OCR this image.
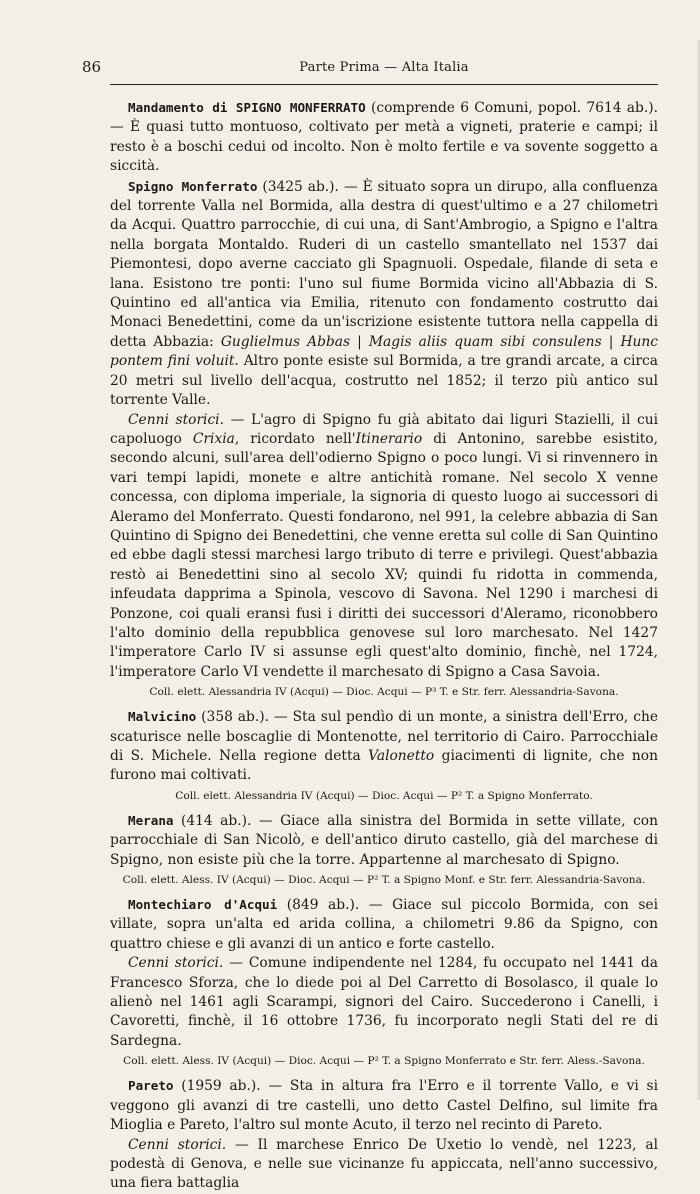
86	Parte Prima — Alta Italia

Mandamento di SPIGNO MONFERRATO (comprende 6 Comuni, popol. 7614 ab.). — È quasi tutto montuoso, coltivato per metà a vigneti, praterie e campi; il resto è a boschi cedui od incolto. Non è molto fertile e va sovente soggetto a siccità.

Spigno Monferrato (3425 ab.). — È situato sopra un dirupo, alla confluenza del torrente Valla nel Bormida, alla destra di quest'ultimo e a 27 chilometri da Acqui. Quattro parrocchie, di cui una, di Sant'Ambrogio, a Spigno e l'altra nella borgata Montaldo. Ruderi di un castello smantellato nel 1537 dai Piemontesi, dopo averne cacciato gli Spagnuoli. Ospedale, filande di seta e lana. Esistono tre ponti: l'uno sul fiume Bormida vicino all'Abbazia di S. Quintino ed all'antica via Emilia, ritenuto con fondamento costrutto dai Monaci Benedettini, come da un'iscrizione esistente tuttora nella cappella di detta Abbazia: Guglielmus Abbas | Magis aliis quam sibi consulens | Hunc pontem fini voluit. Altro ponte esiste sul Bormida, a tre grandi arcate, a circa 20 metri sul livello dell'acqua, costrutto nel 1852; il terzo più antico sul torrente Valle.

Cenni storici. — L'agro di Spigno fu già abitato dai liguri Stazielli, il cui capoluogo Crixia, ricordato nell'Itinerario di Antonino, sarebbe esistito, secondo alcuni, sull'area dell'odierno Spigno o poco lungi. Vi si rinvennero in vari tempi lapidi, monete e altre antichità romane. Nel secolo X venne concessa, con diploma imperiale, la signoria di questo luogo ai successori di Aleramo del Monferrato. Questi fondarono, nel 991, la celebre abbazia di San Quintino di Spigno dei Benedettini, che venne eretta sul colle di San Quintino ed ebbe dagli stessi marchesi largo tributo di terre e privilegi. Quest'abbazia restò ai Benedettini sino al secolo XV; quindi fu ridotta in commenda, infeudata dapprima a Spinola, vescovo di Savona. Nel 1290 i marchesi di Ponzone, coi quali eransi fusi i diritti dei successori d'Aleramo, riconobbero l'alto dominio della repubblica genovese sul loro marchesato. Nel 1427 l'imperatore Carlo IV si assunse egli quest'alto dominio, finchè, nel 1724, l'imperatore Carlo VI vendette il marchesato di Spigno a Casa Savoia.

Coll. elett. Alessandria IV (Acqui) — Dioc. Acqui — P³ T. e Str. ferr. Alessandria-Savona.

Malvicino (358 ab.). — Sta sul pendìo di un monte, a sinistra dell'Erro, che scaturisce nelle boscaglie di Montenotte, nel territorio di Cairo. Parrocchiale di S. Michele. Nella regione detta Valonetto giacimenti di lignite, che non furono mai coltivati.

Coll. elett. Alessandria IV (Acqui) — Dioc. Acqui — P² T. a Spigno Monferrato.

Merana (414 ab.). — Giace alla sinistra del Bormida in sette villate, con parrocchiale di San Nicolò, e dell'antico diruto castello, già del marchese di Spigno, non esiste più che la torre. Appartenne al marchesato di Spigno.

Coll. elett. Aless. IV (Acqui) — Dioc. Acqui — P² T. a Spigno Monf. e Str. ferr. Alessandria-Savona.

Montechiaro d'Acqui (849 ab.). — Giace sul piccolo Bormida, con sei villate, sopra un'alta ed arida collina, a chilometri 9.86 da Spigno, con quattro chiese e gli avanzi di un antico e forte castello.

Cenni storici. — Comune indipendente nel 1284, fu occupato nel 1441 da Francesco Sforza, che lo diede poi al Del Carretto di Bosolasco, il quale lo alienò nel 1461 agli Scarampi, signori del Cairo. Succederono i Canelli, i Cavoretti, finchè, il 16 ottobre 1736, fu incorporato negli Stati del re di Sardegna.

Coll. elett. Aless. IV (Acqui) — Dioc. Acqui — P² T. a Spigno Monferrato e Str. ferr. Aless.-Savona.

Pareto (1959 ab.). — Sta in altura fra l'Erro e il torrente Vallo, e vi si veggono gli avanzi di tre castelli, uno detto Castel Delfino, sul limite fra Mioglia e Pareto, l'altro sul monte Acuto, il terzo nel recinto di Pareto.

Cenni storici. — Il marchese Enrico De Uxetio lo vendè, nel 1223, al podestà di Genova, e nelle sue vicinanze fu appiccata, nell'anno successivo, una fiera battaglia
